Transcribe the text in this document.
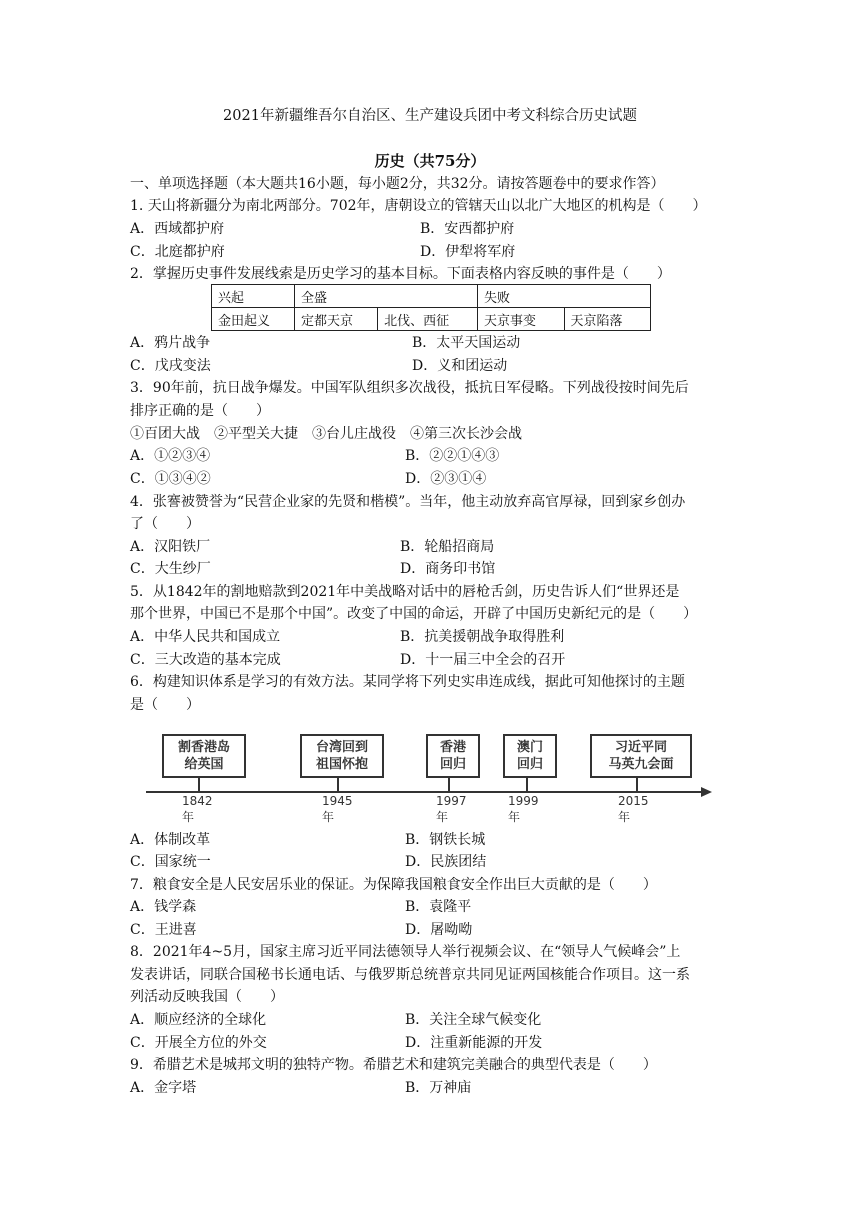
2021年新疆维吾尔自治区、生产建设兵团中考文科综合历史试题
历史（共75分）
一、单项选择题（本大题共16小题，每小题2分，共32分。请按答题卷中的要求作答）
1. 天山将新疆分为南北两部分。702年，唐朝设立的管辖天山以北广大地区的机构是（　　）
A．西域都护府	B．安西都护府
C．北庭都护府	D．伊犁将军府
2．掌握历史事件发展线索是历史学习的基本目标。下面表格内容反映的事件是（　　）
兴起	全盛		失败	
金田起义	定都天京	北伐、西征	天京事变	天京陷落
A．鸦片战争	B．太平天国运动
C．戊戌变法	D．义和团运动
3．90年前，抗日战争爆发。中国军队组织多次战役，抵抗日军侵略。下列战役按时间先后
排序正确的是（　　）
①百团大战　②平型关大捷　③台儿庄战役　④第三次长沙会战
A．①②③④	B．②②①④③
C．①③④②	D．②③①④
4．张謇被赞誉为“民营企业家的先贤和楷模”。当年，他主动放弃高官厚禄，回到家乡创办
了（　　）
A．汉阳铁厂	B．轮船招商局
C．大生纱厂	D．商务印书馆
5．从1842年的割地赔款到2021年中美战略对话中的唇枪舌剑，历史告诉人们“世界还是
那个世界，中国已不是那个中国”。改变了中国的命运，开辟了中国历史新纪元的是（　　）
A．中华人民共和国成立	B．抗美援朝战争取得胜利
C．三大改造的基本完成	D．十一届三中全会的召开
6．构建知识体系是学习的有效方法。某同学将下列史实串连成线，据此可知他探讨的主题
是（　　）
割香港岛
给英国
1842年
台湾回到
祖国怀抱
1945年
香港
回归
1997年
澳门
回归
1999年
习近平同
马英九会面
2015年
A．体制改革	B．钢铁长城
C．国家统一	D．民族团结
7．粮食安全是人民安居乐业的保证。为保障我国粮食安全作出巨大贡献的是（　　）
A．钱学森	B．袁隆平
C．王进喜	D．屠呦呦
8．2021年4~5月，国家主席习近平同法德领导人举行视频会议、在“领导人气候峰会”上
发表讲话，同联合国秘书长通电话、与俄罗斯总统普京共同见证两国核能合作项目。这一系
列活动反映我国（　　）
A．顺应经济的全球化	B．关注全球气候变化
C．开展全方位的外交	D．注重新能源的开发
9．希腊艺术是城邦文明的独特产物。希腊艺术和建筑完美融合的典型代表是（　　）
A．金字塔	B．万神庙
